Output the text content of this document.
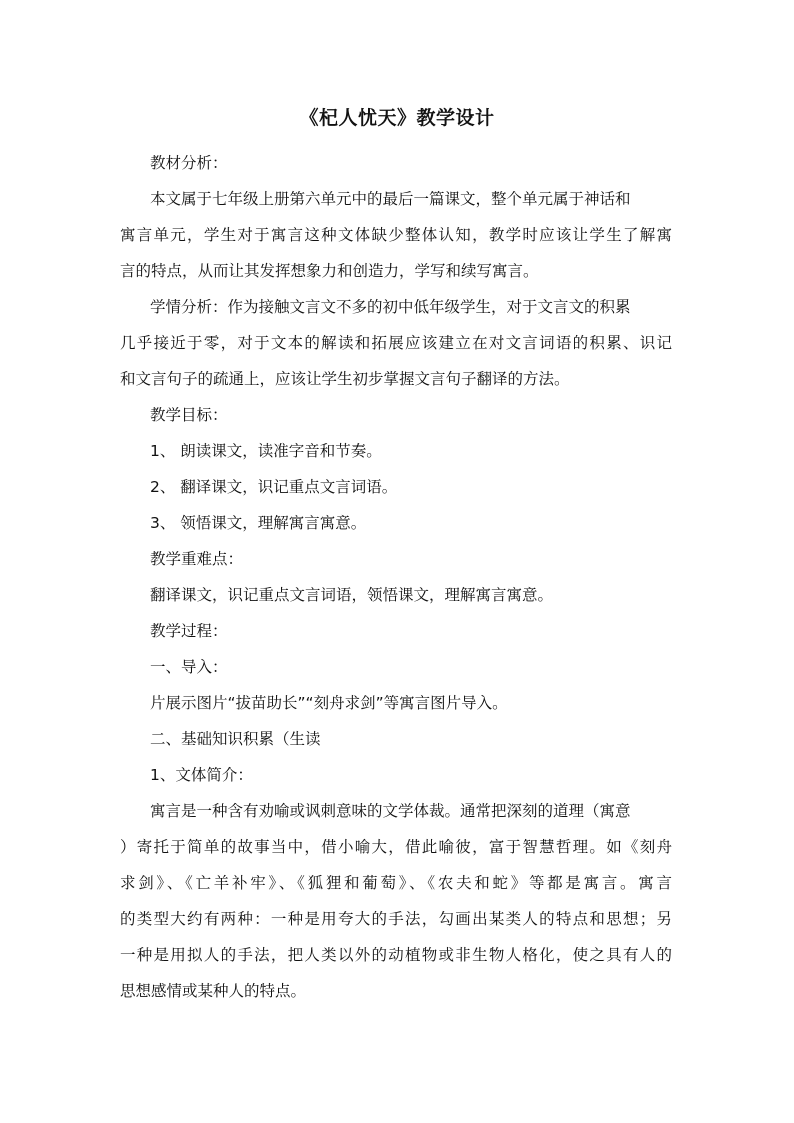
《杞人忧天》教学设计

教材分析：

本文属于七年级上册第六单元中的最后一篇课文，整个单元属于神话和

寓言单元，学生对于寓言这种文体缺少整体认知，教学时应该让学生了解寓

言的特点，从而让其发挥想象力和创造力，学写和续写寓言。

学情分析：作为接触文言文不多的初中低年级学生，对于文言文的积累

几乎接近于零，对于文本的解读和拓展应该建立在对文言词语的积累、识记

和文言句子的疏通上，应该让学生初步掌握文言句子翻译的方法。

教学目标：

1、 朗读课文，读准字音和节奏。

2、 翻译课文，识记重点文言词语。

3、 领悟课文，理解寓言寓意。

教学重难点：

翻译课文，识记重点文言词语，领悟课文，理解寓言寓意。

教学过程：

一、导入：

片展示图片“拔苗助长”“刻舟求剑”等寓言图片导入。

二、基础知识积累（生读

1、文体简介：

寓言是一种含有劝喻或讽刺意味的文学体裁。通常把深刻的道理（寓意

）寄托于简单的故事当中，借小喻大，借此喻彼，富于智慧哲理。如《刻舟

求剑》、《亡羊补牢》、《狐狸和葡萄》、《农夫和蛇》等都是寓言。寓言

的类型大约有两种：一种是用夸大的手法，勾画出某类人的特点和思想；另

一种是用拟人的手法，把人类以外的动植物或非生物人格化，使之具有人的

思想感情或某种人的特点。
